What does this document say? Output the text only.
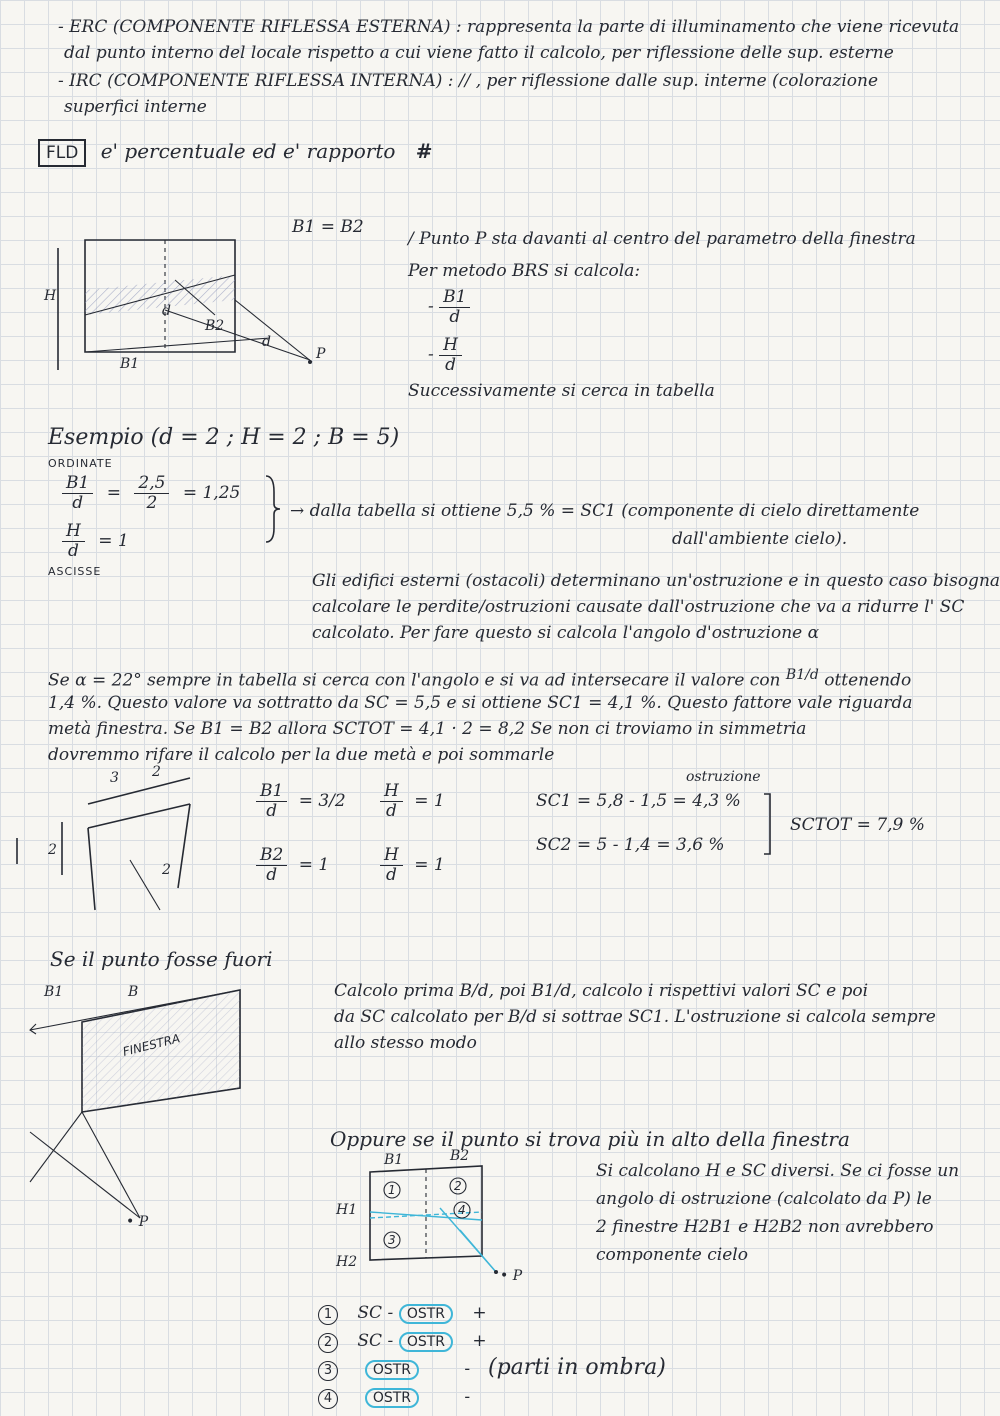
- ERC (COMPONENTE RIFLESSA ESTERNA) : rappresenta la parte di illuminamento che viene ricevuta
dal punto interno del locale rispetto a cui viene fatto il calcolo, per riflessione delle sup. esterne
- IRC (COMPONENTE RIFLESSA INTERNA) : // , per riflessione dalle sup. interne (colorazione
superfici interne
FLD e' percentuale ed e' rapporto #
H
B1
B2
d
d
P
B1 = B2
/ Punto P sta davanti al centro del parametro della finestra
Per metodo BRS si calcola:
- $\frac{B1}{d}$
- $\frac{H}{d}$
Successivamente si cerca in tabella
Esempio (d = 2 ; H = 2 ; B = 5)
ORDINATE
$\frac{B1}{d} = \frac{2,5}{2} = 1,25$
$\frac{H}{d} = 1$
ASCISSE
→ dalla tabella si ottiene 5,5 % = SC1 (componente di cielo direttamente
dall'ambiente cielo).
Gli edifici esterni (ostacoli) determinano un'ostruzione e in questo caso bisogna
calcolare le perdite/ostruzioni causate dall'ostruzione che va a ridurre l' SC
calcolato. Per fare questo si calcola l'angolo d'ostruzione α
Se α = 22° sempre in tabella si cerca con l'angolo e si va ad intersecare il valore con $^{B1/d}$ ottenendo
1,4 %. Questo valore va sottratto da SC = 5,5 e si ottiene SC1 = 4,1 %. Questo fattore vale riguarda
metà finestra. Se B1 = B2 allora SCTOT = 4,1 · 2 = 8,2 Se non ci troviamo in simmetria
dovremmo rifare il calcolo per la due metà e poi sommarle
3 2
2
2
$\frac{B1}{d} = 3/2 \frac{H}{d} = 1$
$\frac{B2}{d} = 1$	$\frac{H}{d} = 1$
ostruzione
SC1 = 5,8 - 1,5 = 4,3 %
SC2 = 5 - 1,4 = 3,6 %
SCTOT = 7,9 %
Se il punto fosse fuori
B1	B
FINESTRA
• P
Calcolo prima B/d, poi B1/d, calcolo i rispettivi valori SC e poi
da SC calcolato per B/d si sottrae SC1. L'ostruzione si calcola sempre
allo stesso modo
Oppure se il punto si trova più in alto della finestra
B1	B2
H1
H2
• P
1	2
3
4
Si calcolano H e SC diversi. Se ci fosse un
angolo di ostruzione (calcolato da P) le
2 finestre H2B1 e H2B2 non avrebbero
componente cielo
1 SC - OSTR +
2 SC - OSTR +
3	OSTR	-
4	OSTR	-
(parti in ombra)
